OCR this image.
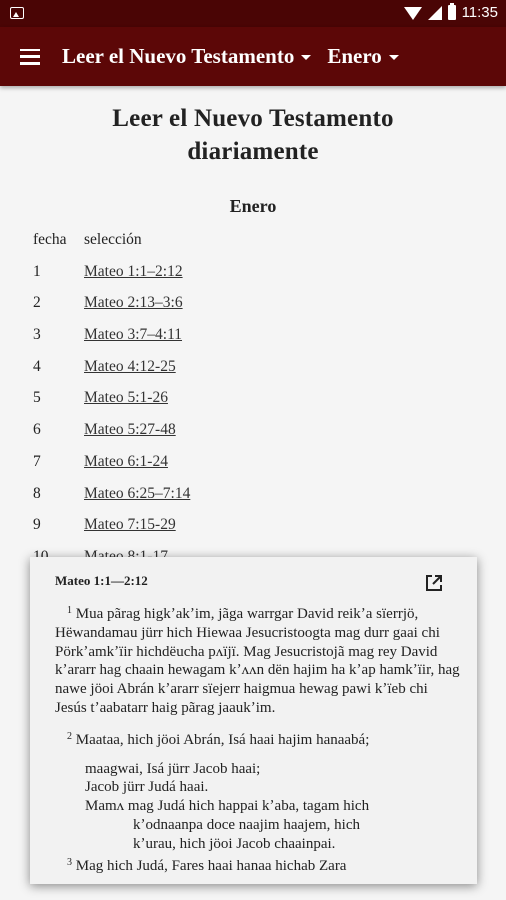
11:35
Leer el Nuevo Testamento Enero
Leer el Nuevo Testamento diariamente
Enero
fecha	selección
1	Mateo 1:1–2:12
2	Mateo 2:13–3:6
3	Mateo 3:7–4:11
4	Mateo 4:12-25
5	Mateo 5:1-26
6	Mateo 5:27-48
7	Mateo 6:1-24
8	Mateo 6:25–7:14
9	Mateo 7:15-29
Mateo 1:1—2:12

$^1$ Mua pãrag higkʼakʼim, jãga warrgar David reikʼa sïerrjö, Hëwandamau jürr hich Hiewaa Jesucristoogta mag durr gaai chi Pörkʼamkʼïir hichdëucha pʌïjï. Mag Jesucristojã mag rey David kʼararr hag chaain hewagam kʼʌʌn dën hajim ha kʼap hamkʼïir, hag nawe jöoi Abrán kʼararr sïejerr haigmua hewag pawi kʼïeb chi Jesús tʼaabatarr haig pãrag jaaukʼim.

$^2$ Maataa, hich jöoi Abrán, Isá haai hajim hanaabá;

maagwai, Isá jürr Jacob haai;
Jacob jürr Judá haai.
Mamʌ mag Judá hich happai kʼaba, tagam hich
kʼodnaanpa doce naajim haajem, hich
kʼurau, hich jöoi Jacob chaainpai.

$^3$ Mag hich Judá, Fares haai hanaa hichab Zara
